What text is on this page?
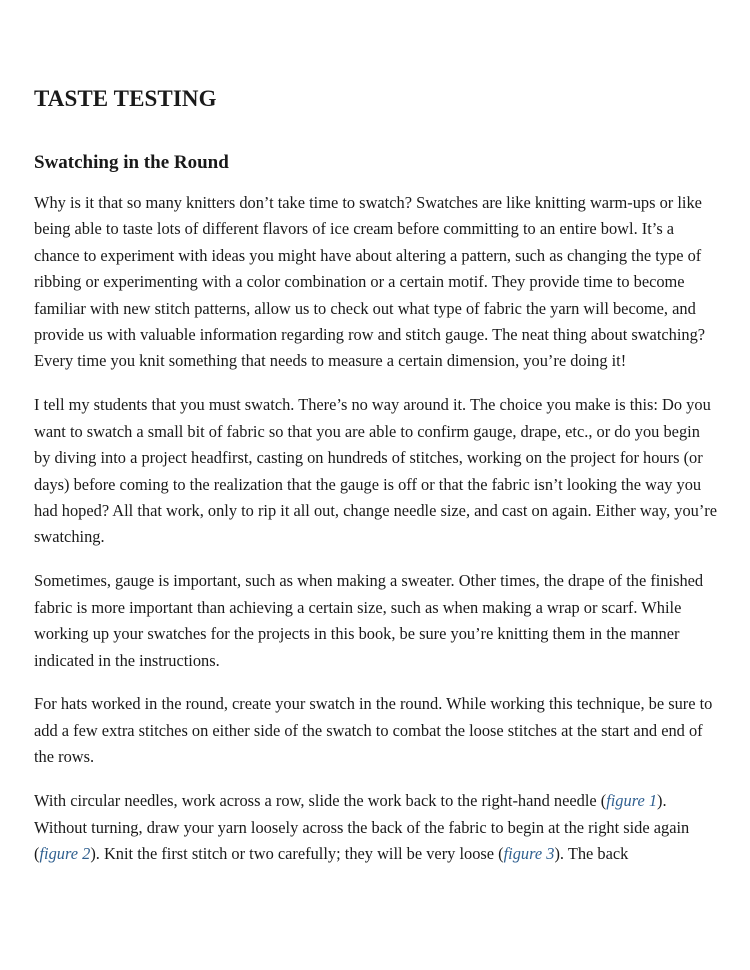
TASTE TESTING
Swatching in the Round

Why is it that so many knitters don’t take time to swatch? Swatches are like knitting warm-ups or like being able to taste lots of different flavors of ice cream before committing to an entire bowl. It’s a chance to experiment with ideas you might have about altering a pattern, such as changing the type of ribbing or experimenting with a color combination or a certain motif. They provide time to become familiar with new stitch patterns, allow us to check out what type of fabric the yarn will become, and provide us with valuable information regarding row and stitch gauge. The neat thing about swatching? Every time you knit something that needs to measure a certain dimension, you’re doing it!

I tell my students that you must swatch. There’s no way around it. The choice you make is this: Do you want to swatch a small bit of fabric so that you are able to confirm gauge, drape, etc., or do you begin by diving into a project headfirst, casting on hundreds of stitches, working on the project for hours (or days) before coming to the realization that the gauge is off or that the fabric isn’t looking the way you had hoped? All that work, only to rip it all out, change needle size, and cast on again. Either way, you’re swatching.

Sometimes, gauge is important, such as when making a sweater. Other times, the drape of the finished fabric is more important than achieving a certain size, such as when making a wrap or scarf. While working up your swatches for the projects in this book, be sure you’re knitting them in the manner indicated in the instructions.

For hats worked in the round, create your swatch in the round. While working this technique, be sure to add a few extra stitches on either side of the swatch to combat the loose stitches at the start and end of the rows.

With circular needles, work across a row, slide the work back to the right-hand needle (figure 1). Without turning, draw your yarn loosely across the back of the fabric to begin at the right side again (figure 2). Knit the first stitch or two carefully; they will be very loose (figure 3). The back
